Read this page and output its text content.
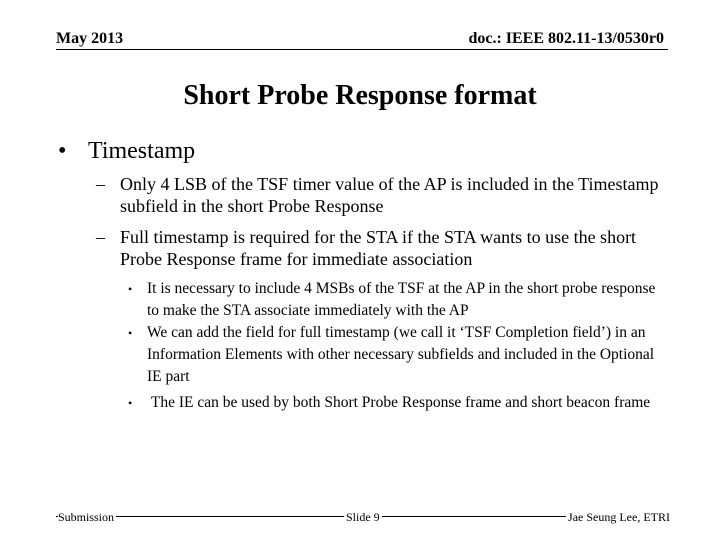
May 2013	doc.: IEEE 802.11-13/0530r0
Short Probe Response format
• Timestamp
– Only 4 LSB of the TSF timer value of the AP is included in the Timestamp subfield in the short Probe Response
– Full timestamp is required for the STA if the STA wants to use the short Probe Response frame for immediate association
• It is necessary to include 4 MSBs of the TSF at the AP in the short probe response to make the STA associate immediately with the AP
• We can add the field for full timestamp (we call it ‘TSF Completion field’) in an Information Elements with other necessary subfields and included in the Optional IE part
• The IE can be used by both Short Probe Response frame and short beacon frame
Submission	Slide 9	Jae Seung Lee, ETRI
